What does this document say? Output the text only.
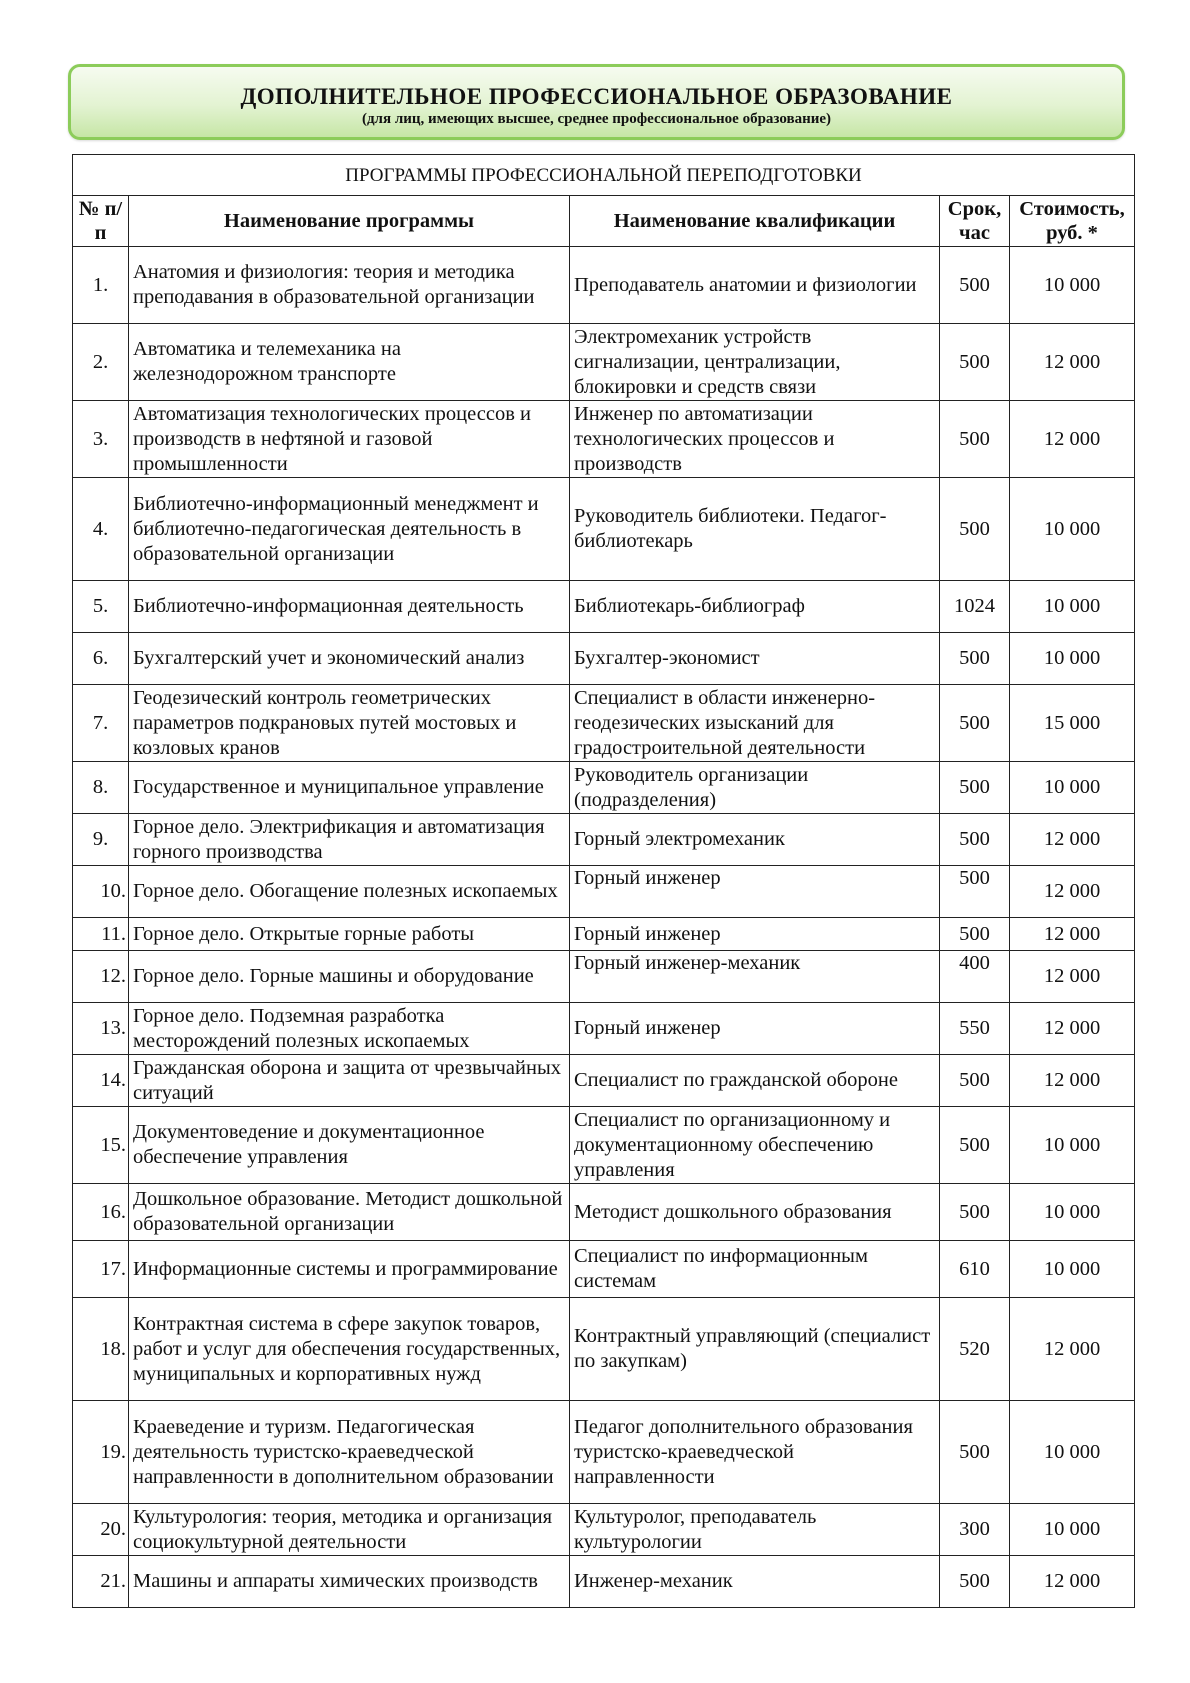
ДОПОЛНИТЕЛЬНОЕ ПРОФЕССИОНАЛЬНОЕ ОБРАЗОВАНИЕ
(для лиц, имеющих высшее, среднее профессиональное образование)
ПРОГРАММЫ ПРОФЕССИОНАЛЬНОЙ ПЕРЕПОДГОТОВКИ				
№ п/п	Наименование программы	Наименование квалификации	Срок, час	Стоимость, руб. *
1.	Анатомия и физиология: теория и методика преподавания в образовательной организации	Преподаватель анатомии и физиологии	500	10 000
2.	Автоматика и телемеханика на железнодорожном транспорте	Электромеханик устройств сигнализации, централизации, блокировки и средств связи	500	12 000
3.	Автоматизация технологических процессов и производств в нефтяной и газовой промышленности	Инженер по автоматизации технологических процессов и производств	500	12 000
4.	Библиотечно-информационный менеджмент и библиотечно-педагогическая деятельность в образовательной организации	Руководитель библиотеки. Педагог-библиотекарь	500	10 000
5.	Библиотечно-информационная деятельность	Библиотекарь-библиограф	1024	10 000
6.	Бухгалтерский учет и экономический анализ	Бухгалтер-экономист	500	10 000
7.	Геодезический контроль геометрических параметров подкрановых путей мостовых и козловых кранов	Специалист в области инженерно-геодезических изысканий для градостроительной деятельности	500	15 000
8.	Государственное и муниципальное управление	Руководитель организации (подразделения)	500	10 000
9.	Горное дело. Электрификация и автоматизация горного производства	Горный электромеханик	500	12 000
10.	Горное дело. Обогащение полезных ископаемых	Горный инженер	500	12 000
11.	Горное дело. Открытые горные работы	Горный инженер	500	12 000
12.	Горное дело. Горные машины и оборудование	Горный инженер-механик	400	12 000
13.	Горное дело. Подземная разработка месторождений полезных ископаемых	Горный инженер	550	12 000
14.	Гражданская оборона и защита от чрезвычайных ситуаций	Специалист по гражданской обороне	500	12 000
15.	Документоведение и документационное обеспечение управления	Специалист по организационному и документационному обеспечению управления	500	10 000
16.	Дошкольное образование. Методист дошкольной образовательной организации	Методист дошкольного образования	500	10 000
17.	Информационные системы и программирование	Специалист по информационным системам	610	10 000
18.	Контрактная система в сфере закупок товаров, работ и услуг для обеспечения государственных, муниципальных и корпоративных нужд	Контрактный управляющий (специалист по закупкам)	520	12 000
19.	Краеведение и туризм. Педагогическая деятельность туристско-краеведческой направленности в дополнительном образовании	Педагог дополнительного образования туристско-краеведческой направленности	500	10 000
20.	Культурология: теория, методика и организация социокультурной деятельности	Культуролог, преподаватель культурологии	300	10 000
21.	Машины и аппараты химических производств	Инженер-механик	500	12 000
